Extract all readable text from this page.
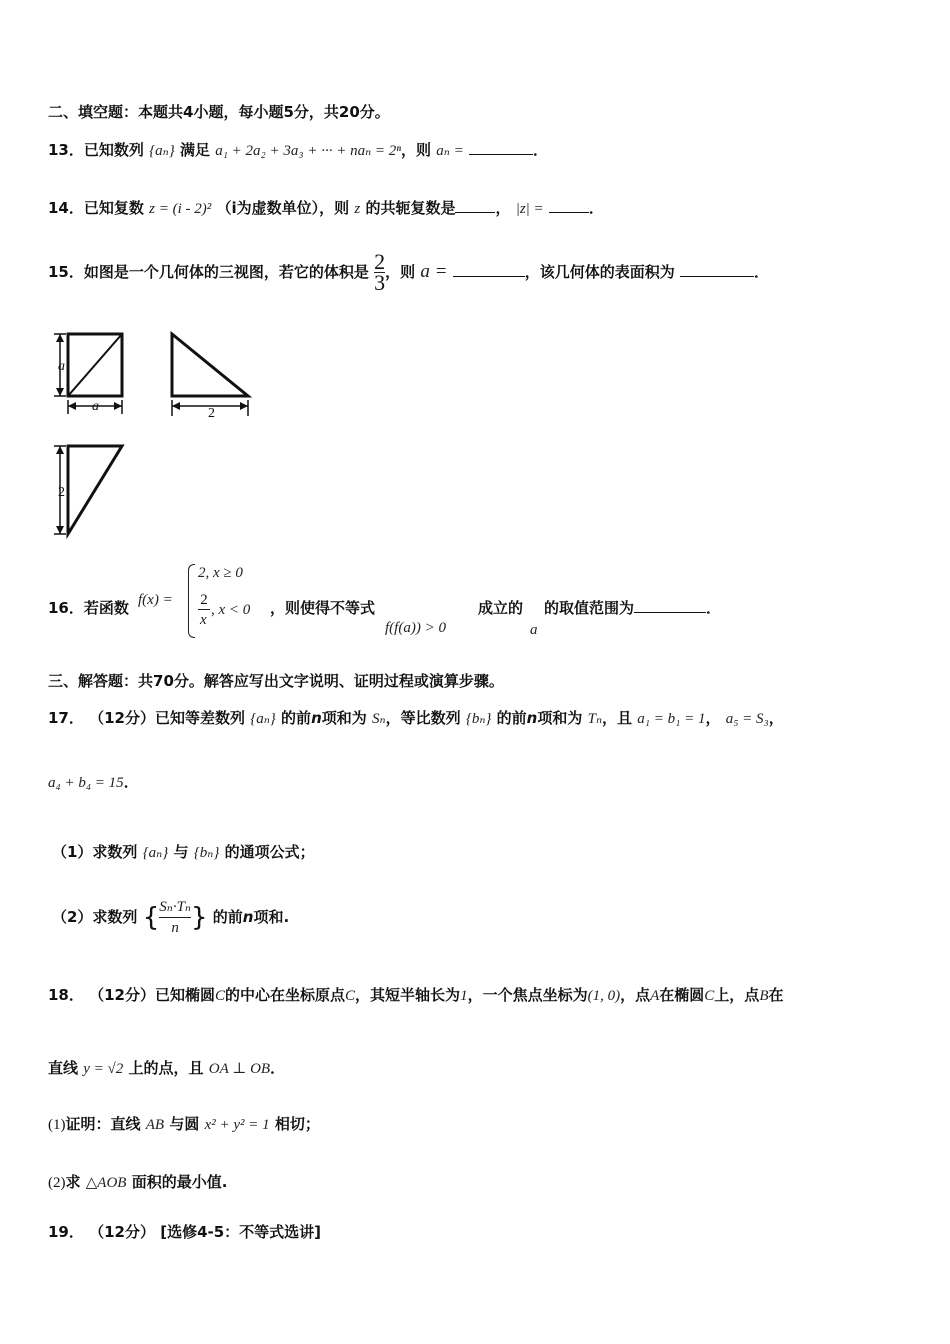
二、填空题：本题共4小题，每小题5分，共20分。
13．已知数列 {aₙ} 满足 a₁ + 2a₂ + 3a₃ + ··· + naₙ = 2ⁿ，则 aₙ =	．
14．已知复数 z = (i - 2)² （i为虚数单位），则 z 的共轭复数是	， |z| =	．
15．如图是一个几何体的三视图，若它的体积是 $\frac{2}{3}$ ，则 a =	，该几何体的表面积为	．
a
a	2
2
16．若函数 f(x) =
2, x ≥ 0
2
x
, x < 0 ，则使得不等式
f(f(a)) > 0
成立的
a
的取值范围为	．
三、解答题：共70分。解答应写出文字说明、证明过程或演算步骤。
17． （12分）已知等差数列 {aₙ} 的前n项和为 Sₙ，等比数列 {bₙ} 的前n项和为 Tₙ，且 a₁ = b₁ = 1， a₅ = S₃，
a₄ + b₄ = 15．
（1）求数列 {aₙ} 与 {bₙ} 的通项公式；
（2）求数列 { $\frac{\text{Sₙ·Tₙ}}{n}$ } 的前n项和.
18． （12分）已知椭圆C的中心在坐标原点C，其短半轴长为1，一个焦点坐标为(1, 0)，点A在椭圆C上，点B在
直线 y = √2 上的点，且 OA ⊥ OB．
(1)证明：直线 AB 与圆 x² + y² = 1 相切；
(2)求 △AOB 面积的最小值.
19． （12分） [选修4-5：不等式选讲]
